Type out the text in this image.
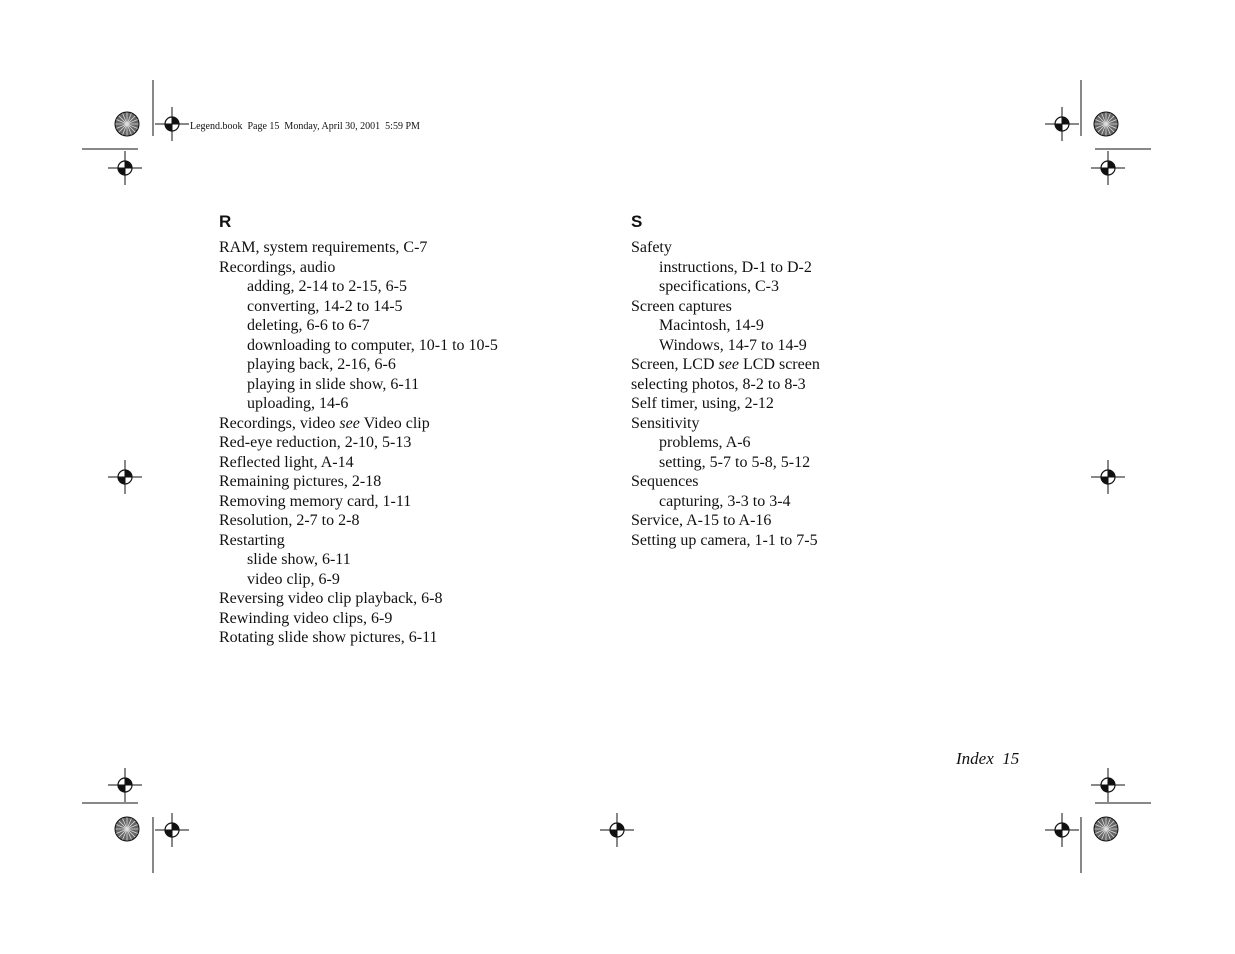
Legend.book  Page 15  Monday, April 30, 2001  5:59 PM
R
RAM, system requirements, C-7
Recordings, audio
adding, 2-14 to 2-15, 6-5
converting, 14-2 to 14-5
deleting, 6-6 to 6-7
downloading to computer, 10-1 to 10-5
playing back, 2-16, 6-6
playing in slide show, 6-11
uploading, 14-6
Recordings, video see Video clip
Red-eye reduction, 2-10, 5-13
Reflected light, A-14
Remaining pictures, 2-18
Removing memory card, 1-11
Resolution, 2-7 to 2-8
Restarting
slide show, 6-11
video clip, 6-9
Reversing video clip playback, 6-8
Rewinding video clips, 6-9
Rotating slide show pictures, 6-11
S
Safety
instructions, D-1 to D-2
specifications, C-3
Screen captures
Macintosh, 14-9
Windows, 14-7 to 14-9
Screen, LCD see LCD screen
selecting photos, 8-2 to 8-3
Self timer, using, 2-12
Sensitivity
problems, A-6
setting, 5-7 to 5-8, 5-12
Sequences
capturing, 3-3 to 3-4
Service, A-15 to A-16
Setting up camera, 1-1 to 7-5
Index  15
